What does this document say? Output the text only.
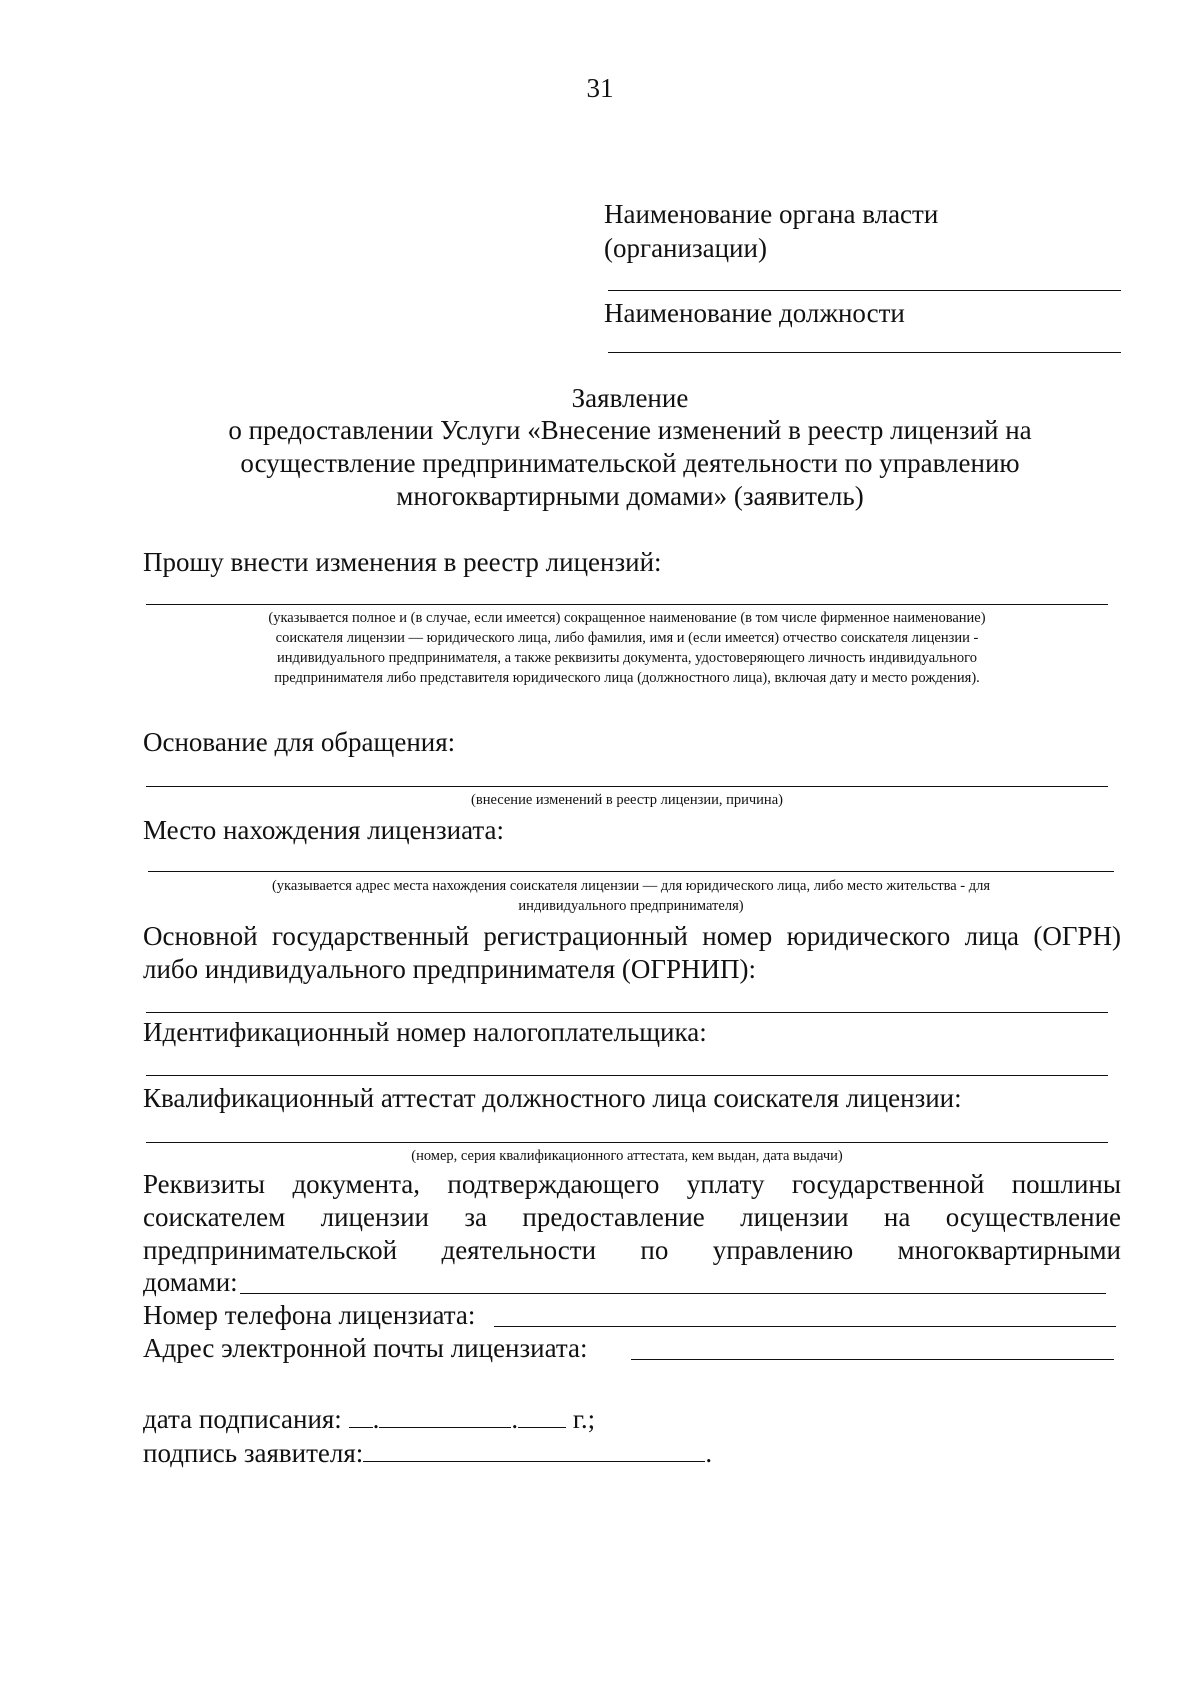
31
Наименование органа власти
(организации)
Наименование должности
Заявление
о предоставлении Услуги «Внесение изменений в реестр лицензий на
осуществление предпринимательской деятельности по управлению
многоквартирными домами» (заявитель)
Прошу внести изменения в реестр лицензий:
(указывается полное и (в случае, если имеется) сокращенное наименование (в том числе фирменное наименование)
соискателя лицензии — юридического лица, либо фамилия, имя и (если имеется) отчество соискателя лицензии -
индивидуального предпринимателя, а также реквизиты документа, удостоверяющего личность индивидуального
предпринимателя либо представителя юридического лица (должностного лица), включая дату и место рождения).
Основание для обращения:
(внесение изменений в реестр лицензии, причина)
Место нахождения лицензиата:
(указывается адрес места нахождения соискателя лицензии — для юридического лица, либо место жительства - для
индивидуального предпринимателя)
Основной государственный регистрационный номер юридического лица (ОГРН)
либо индивидуального предпринимателя (ОГРНИП):
Идентификационный номер налогоплательщика:
Квалификационный аттестат должностного лица соискателя лицензии:
(номер, серия квалификационного аттестата, кем выдан, дата выдачи)
Реквизиты документа, подтверждающего уплату государственной пошлины
соискателем лицензии за предоставление лицензии на осуществление
предпринимательской деятельности по управлению многоквартирными
домами:
Номер телефона лицензиата:
Адрес электронной почты лицензиата:
дата подписания: .	. г.;
подпись заявителя:	.
